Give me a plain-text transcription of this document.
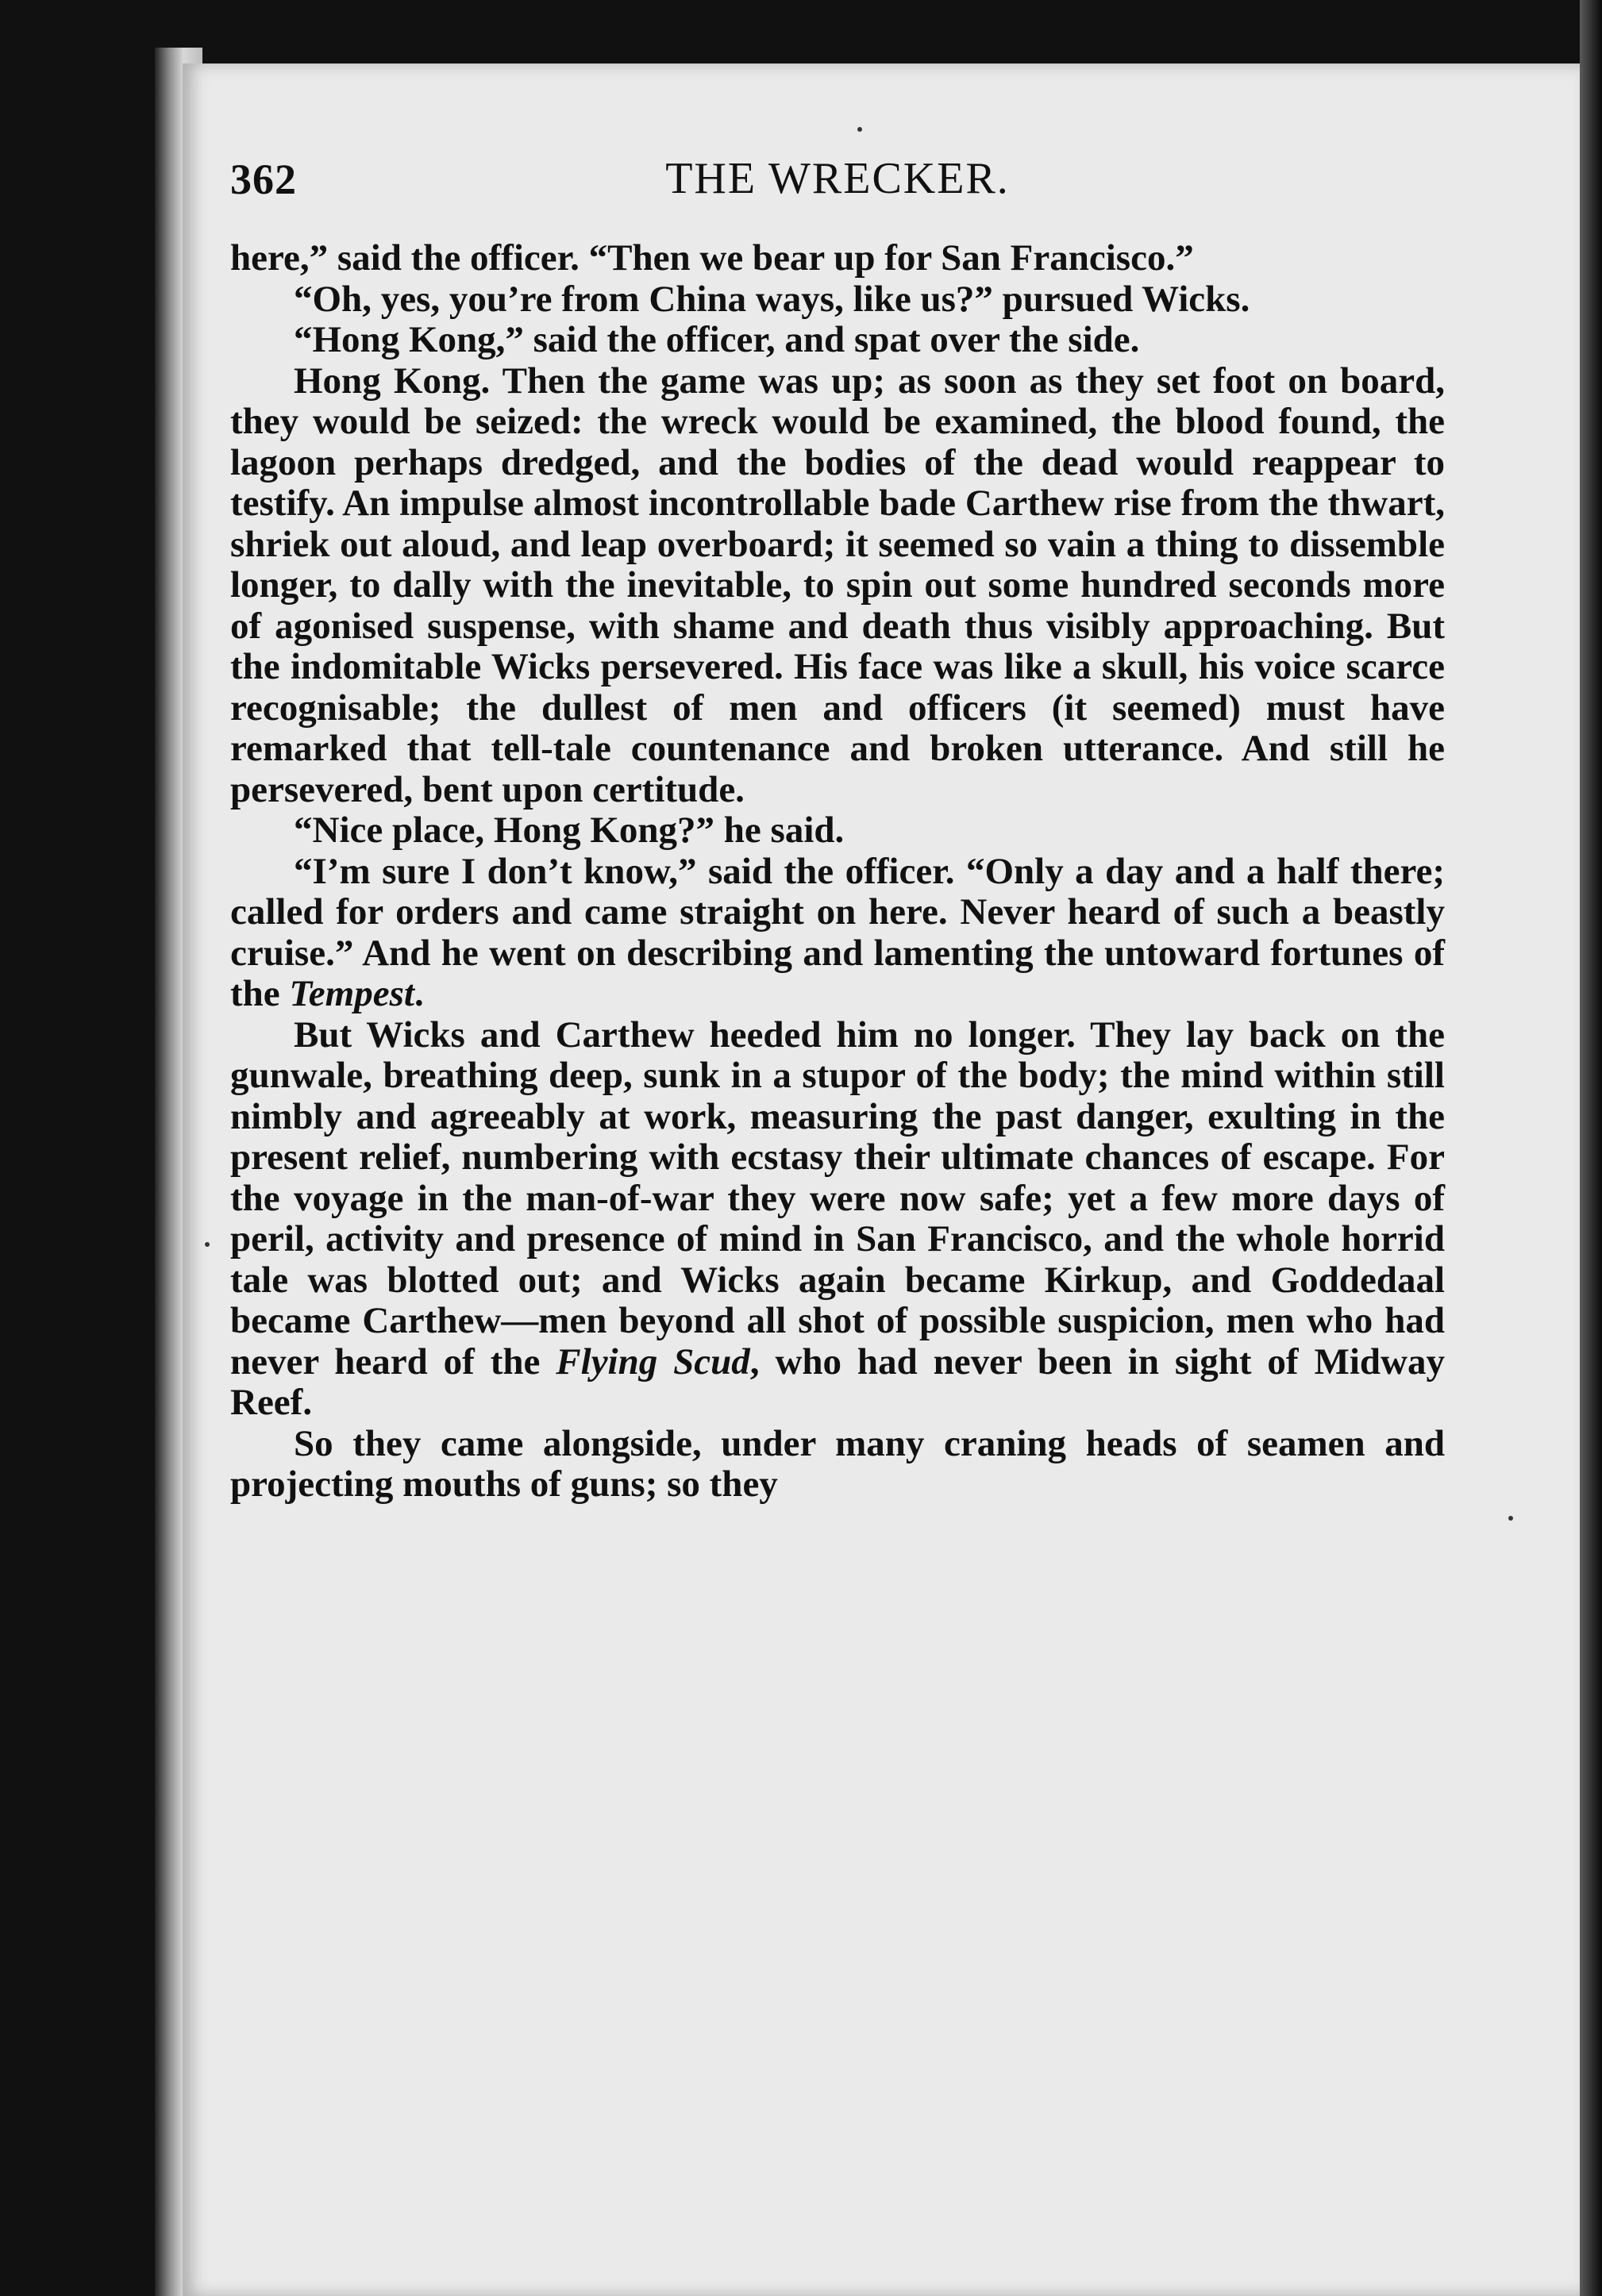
362	THE WRECKER.

here,” said the officer. “Then we bear up for San Francisco.”

“Oh, yes, you’re from China ways, like us?” pursued Wicks.

“Hong Kong,” said the officer, and spat over the side.

Hong Kong. Then the game was up; as soon as they set foot on board, they would be seized: the wreck would be examined, the blood found, the lagoon perhaps dredged, and the bodies of the dead would reappear to testify. An impulse almost incontrollable bade Carthew rise from the thwart, shriek out aloud, and leap overboard; it seemed so vain a thing to dissemble longer, to dally with the inevitable, to spin out some hundred seconds more of agonised suspense, with shame and death thus visibly approaching. But the indomitable Wicks persevered. His face was like a skull, his voice scarce recognisable; the dullest of men and officers (it seemed) must have remarked that tell-tale countenance and broken utterance. And still he persevered, bent upon certitude.

“Nice place, Hong Kong?” he said.

“I’m sure I don’t know,” said the officer. “Only a day and a half there; called for orders and came straight on here. Never heard of such a beastly cruise.” And he went on describing and lamenting the untoward fortunes of the Tempest.

But Wicks and Carthew heeded him no longer. They lay back on the gunwale, breathing deep, sunk in a stupor of the body; the mind within still nimbly and agreeably at work, measuring the past danger, exulting in the present relief, numbering with ecstasy their ultimate chances of escape. For the voyage in the man-of-war they were now safe; yet a few more days of peril, activity and presence of mind in San Francisco, and the whole horrid tale was blotted out; and Wicks again became Kirkup, and Goddedaal became Carthew—men beyond all shot of possible suspicion, men who had never heard of the Flying Scud, who had never been in sight of Midway Reef.

So they came alongside, under many craning heads of seamen and projecting mouths of guns; so they
